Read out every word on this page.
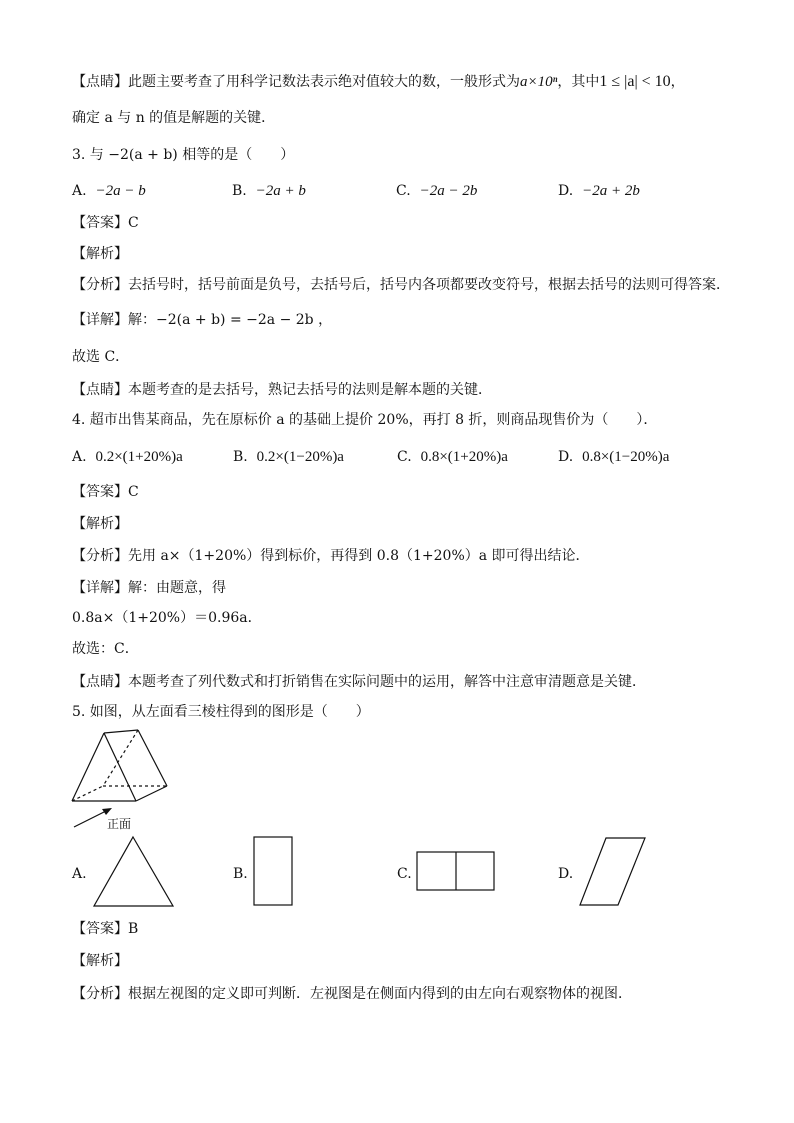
【点睛】此题主要考查了用科学记数法表示绝对值较大的数，一般形式为a×10ⁿ，其中1 ≤ |a| < 10，
确定 a 与 n 的值是解题的关键．
3. 与 −2(a + b) 相等的是（　　）
A. −2a − b	B. −2a + b	C. −2a − 2b	D. −2a + 2b
【答案】C
【解析】
【分析】去括号时，括号前面是负号，去括号后，括号内各项都要改变符号，根据去括号的法则可得答案．
【详解】解：−2(a + b) = −2a − 2b ，
故选 C．
【点睛】本题考查的是去括号，熟记去括号的法则是解本题的关键．
4. 超市出售某商品，先在原标价 a 的基础上提价 20%，再打 8 折，则商品现售价为（　　）．
A. 0.2×(1+20%)a	B. 0.2×(1−20%)a	C. 0.8×(1+20%)a	D. 0.8×(1−20%)a
【答案】C
【解析】
【分析】先用 a×（1+20%）得到标价，再得到 0.8（1+20%）a 即可得出结论．
【详解】解：由题意，得
0.8a×（1+20%）＝0.96a．
故选：C．
【点睛】本题考查了列代数式和打折销售在实际问题中的运用，解答中注意审清题意是关键．
5. 如图，从左面看三棱柱得到的图形是（　　）
正面
A.	B.	C.	D.
【答案】B
【解析】
【分析】根据左视图的定义即可判断．左视图是在侧面内得到的由左向右观察物体的视图．
